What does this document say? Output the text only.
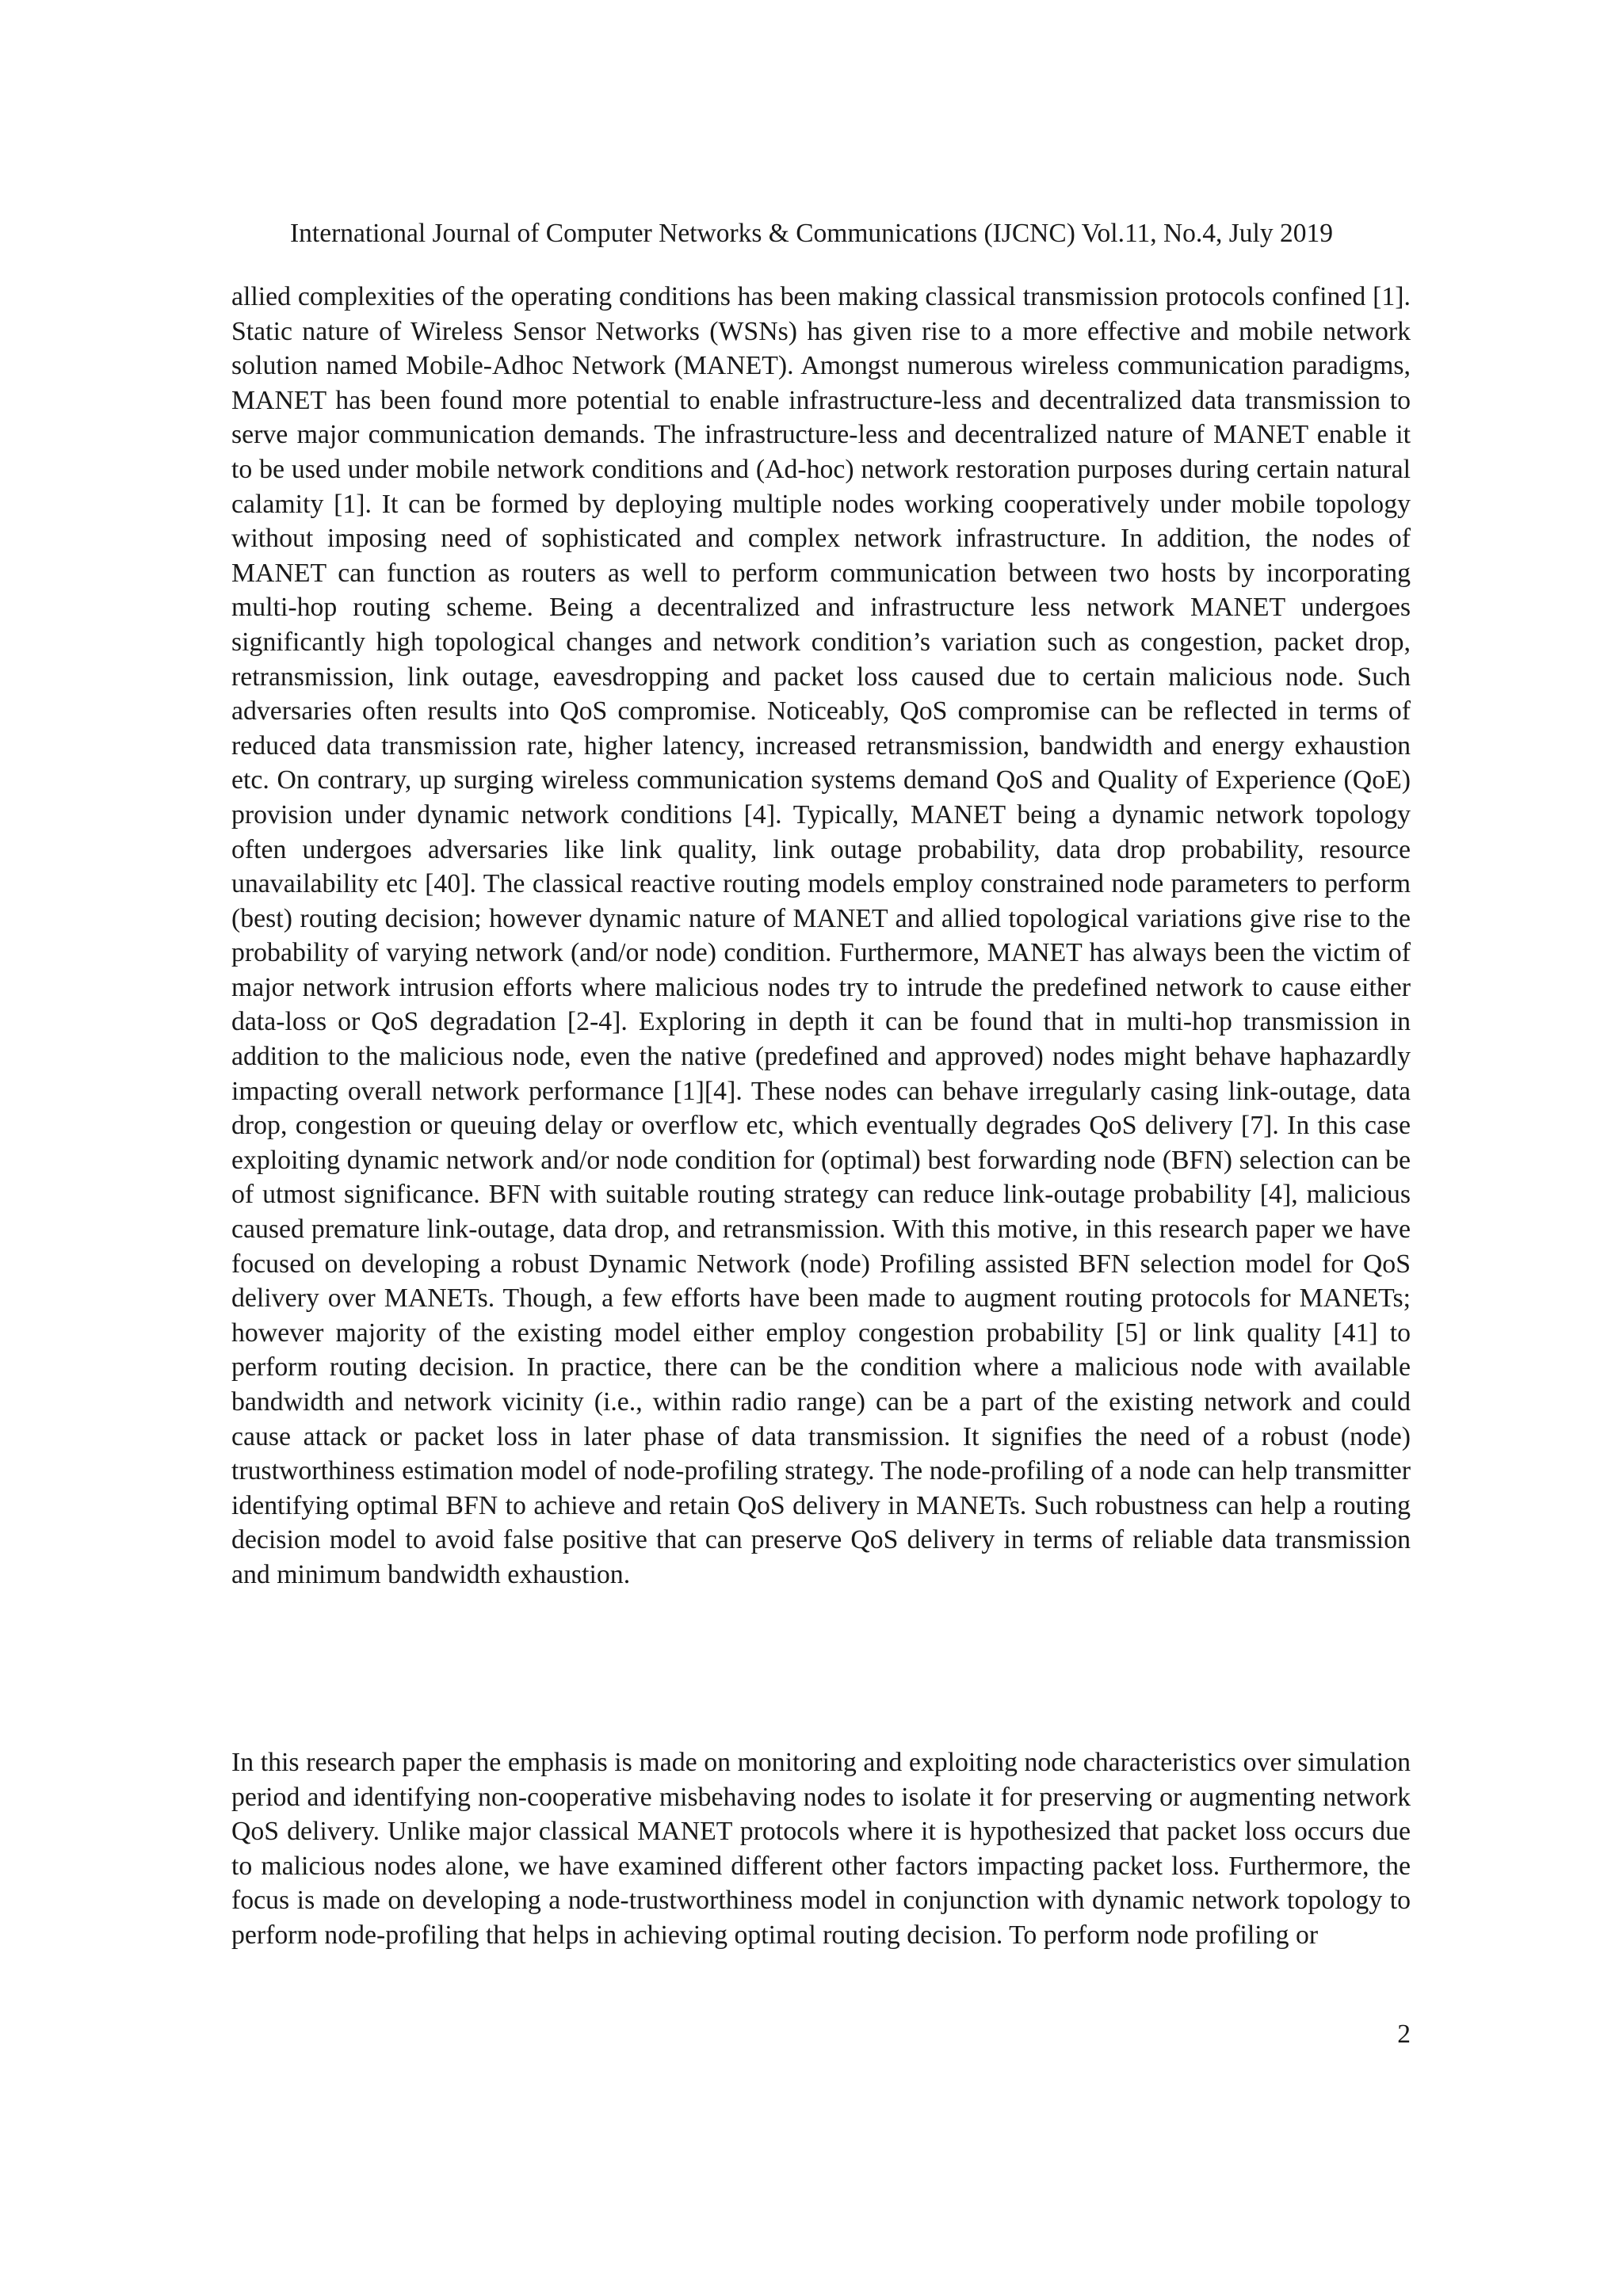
International Journal of Computer Networks & Communications (IJCNC) Vol.11, No.4, July 2019

allied complexities of the operating conditions has been making classical transmission protocols confined [1]. Static nature of Wireless Sensor Networks (WSNs) has given rise to a more effective and mobile network solution named Mobile-Adhoc Network (MANET). Amongst numerous wireless communication paradigms, MANET has been found more potential to enable infrastructure-less and decentralized data transmission to serve major communication demands. The infrastructure-less and decentralized nature of MANET enable it to be used under mobile network conditions and (Ad-hoc) network restoration purposes during certain natural calamity [1]. It can be formed by deploying multiple nodes working cooperatively under mobile topology without imposing need of sophisticated and complex network infrastructure. In addition, the nodes of MANET can function as routers as well to perform communication between two hosts by incorporating multi-hop routing scheme. Being a decentralized and infrastructure less network MANET undergoes significantly high topological changes and network condition’s variation such as congestion, packet drop, retransmission, link outage, eavesdropping and packet loss caused due to certain malicious node. Such adversaries often results into QoS compromise. Noticeably, QoS compromise can be reflected in terms of reduced data transmission rate, higher latency, increased retransmission, bandwidth and energy exhaustion etc. On contrary, up surging wireless communication systems demand QoS and Quality of Experience (QoE) provision under dynamic network conditions [4]. Typically, MANET being a dynamic network topology often undergoes adversaries like link quality, link outage probability, data drop probability, resource unavailability etc [40]. The classical reactive routing models employ constrained node parameters to perform (best) routing decision; however dynamic nature of MANET and allied topological variations give rise to the probability of varying network (and/or node) condition. Furthermore, MANET has always been the victim of major network intrusion efforts where malicious nodes try to intrude the predefined network to cause either data-loss or QoS degradation [2-4]. Exploring in depth it can be found that in multi-hop transmission in addition to the malicious node, even the native (predefined and approved) nodes might behave haphazardly impacting overall network performance [1][4]. These nodes can behave irregularly casing link-outage, data drop, congestion or queuing delay or overflow etc, which eventually degrades QoS delivery [7]. In this case exploiting dynamic network and/or node condition for (optimal) best forwarding node (BFN) selection can be of utmost significance. BFN with suitable routing strategy can reduce link-outage probability [4], malicious caused premature link-outage, data drop, and retransmission. With this motive, in this research paper we have focused on developing a robust Dynamic Network (node) Profiling assisted BFN selection model for QoS delivery over MANETs. Though, a few efforts have been made to augment routing protocols for MANETs; however majority of the existing model either employ congestion probability [5] or link quality [41] to perform routing decision. In practice, there can be the condition where a malicious node with available bandwidth and network vicinity (i.e., within radio range) can be a part of the existing network and could cause attack or packet loss in later phase of data transmission. It signifies the need of a robust (node) trustworthiness estimation model of node-profiling strategy. The node-profiling of a node can help transmitter identifying optimal BFN to achieve and retain QoS delivery in MANETs. Such robustness can help a routing decision model to avoid false positive that can preserve QoS delivery in terms of reliable data transmission and minimum bandwidth exhaustion.

In this research paper the emphasis is made on monitoring and exploiting node characteristics over simulation period and identifying non-cooperative misbehaving nodes to isolate it for preserving or augmenting network QoS delivery. Unlike major classical MANET protocols where it is hypothesized that packet loss occurs due to malicious nodes alone, we have examined different other factors impacting packet loss. Furthermore, the focus is made on developing a node-trustworthiness model in conjunction with dynamic network topology to perform node-profiling that helps in achieving optimal routing decision. To perform node profiling or

2
